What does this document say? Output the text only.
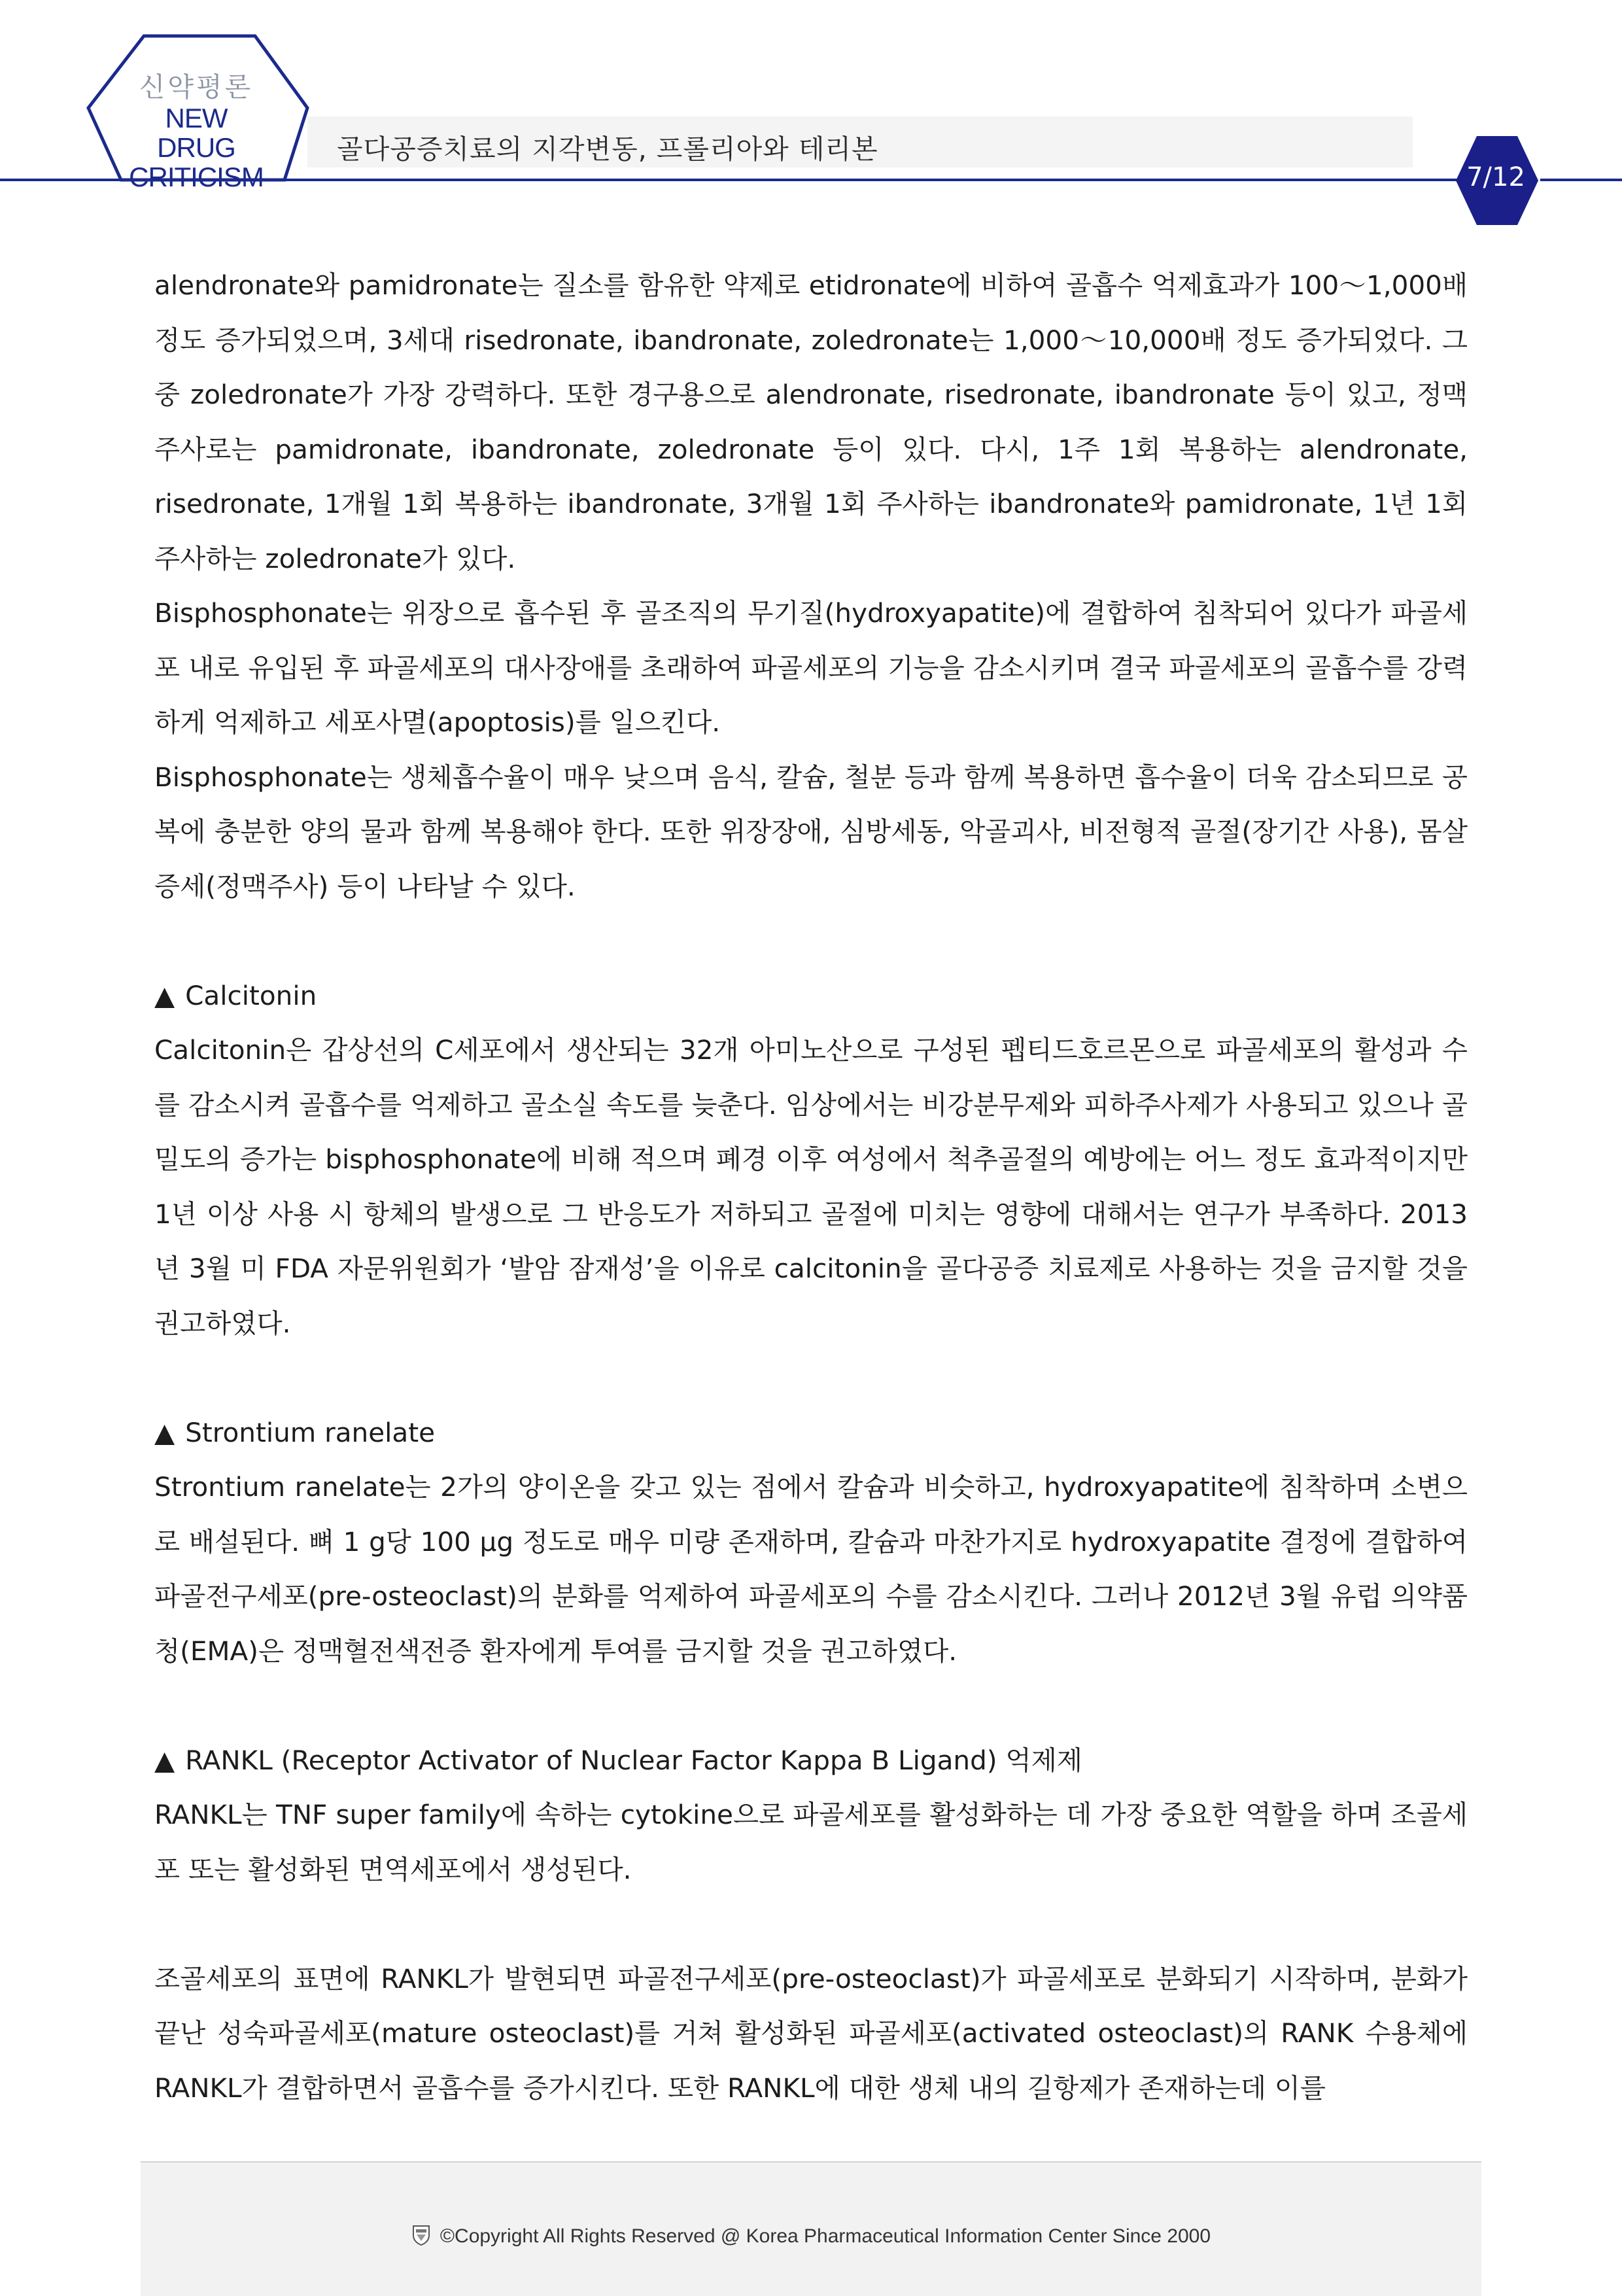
신약평론
NEW DRUG
CRITICISM
골다공증치료의 지각변동, 프롤리아와 테리본
7/12

alendronate와 pamidronate는 질소를 함유한 약제로 etidronate에 비하여 골흡수 억제효과가 100～1,000배 정도 증가되었으며, 3세대 risedronate, ibandronate, zoledronate는 1,000～10,000배 정도 증가되었다. 그중 zoledronate가 가장 강력하다. 또한 경구용으로 alendronate, risedronate, ibandronate 등이 있고, 정맥주사로는 pamidronate, ibandronate, zoledronate 등이 있다. 다시, 1주 1회 복용하는 alendronate, risedronate, 1개월 1회 복용하는 ibandronate, 3개월 1회 주사하는 ibandronate와 pamidronate, 1년 1회 주사하는 zoledronate가 있다.

Bisphosphonate는 위장으로 흡수된 후 골조직의 무기질(hydroxyapatite)에 결합하여 침착되어 있다가 파골세포 내로 유입된 후 파골세포의 대사장애를 초래하여 파골세포의 기능을 감소시키며 결국 파골세포의 골흡수를 강력하게 억제하고 세포사멸(apoptosis)를 일으킨다.

Bisphosphonate는 생체흡수율이 매우 낮으며 음식, 칼슘, 철분 등과 함께 복용하면 흡수율이 더욱 감소되므로 공복에 충분한 양의 물과 함께 복용해야 한다. 또한 위장장애, 심방세동, 악골괴사, 비전형적 골절(장기간 사용), 몸살증세(정맥주사) 등이 나타날 수 있다.

▲ Calcitonin

Calcitonin은 갑상선의 C세포에서 생산되는 32개 아미노산으로 구성된 펩티드호르몬으로 파골세포의 활성과 수를 감소시켜 골흡수를 억제하고 골소실 속도를 늦춘다. 임상에서는 비강분무제와 피하주사제가 사용되고 있으나 골밀도의 증가는 bisphosphonate에 비해 적으며 폐경 이후 여성에서 척추골절의 예방에는 어느 정도 효과적이지만 1년 이상 사용 시 항체의 발생으로 그 반응도가 저하되고 골절에 미치는 영향에 대해서는 연구가 부족하다. 2013년 3월 미 FDA 자문위원회가 ‘발암 잠재성’을 이유로 calcitonin을 골다공증 치료제로 사용하는 것을 금지할 것을 권고하였다.

▲ Strontium ranelate

Strontium ranelate는 2가의 양이온을 갖고 있는 점에서 칼슘과 비슷하고, hydroxyapatite에 침착하며 소변으로 배설된다. 뼈 1 g당 100 μg 정도로 매우 미량 존재하며, 칼슘과 마찬가지로 hydroxyapatite 결정에 결합하여 파골전구세포(pre-osteoclast)의 분화를 억제하여 파골세포의 수를 감소시킨다. 그러나 2012년 3월 유럽 의약품청(EMA)은 정맥혈전색전증 환자에게 투여를 금지할 것을 권고하였다.

▲ RANKL (Receptor Activator of Nuclear Factor Kappa B Ligand) 억제제

RANKL는 TNF super family에 속하는 cytokine으로 파골세포를 활성화하는 데 가장 중요한 역할을 하며 조골세포 또는 활성화된 면역세포에서 생성된다.

조골세포의 표면에 RANKL가 발현되면 파골전구세포(pre-osteoclast)가 파골세포로 분화되기 시작하며, 분화가 끝난 성숙파골세포(mature osteoclast)를 거쳐 활성화된 파골세포(activated osteoclast)의 RANK 수용체에 RANKL가 결합하면서 골흡수를 증가시킨다. 또한 RANKL에 대한 생체 내의 길항제가 존재하는데 이를

©Copyright All Rights Reserved @ Korea Pharmaceutical Information Center Since 2000
